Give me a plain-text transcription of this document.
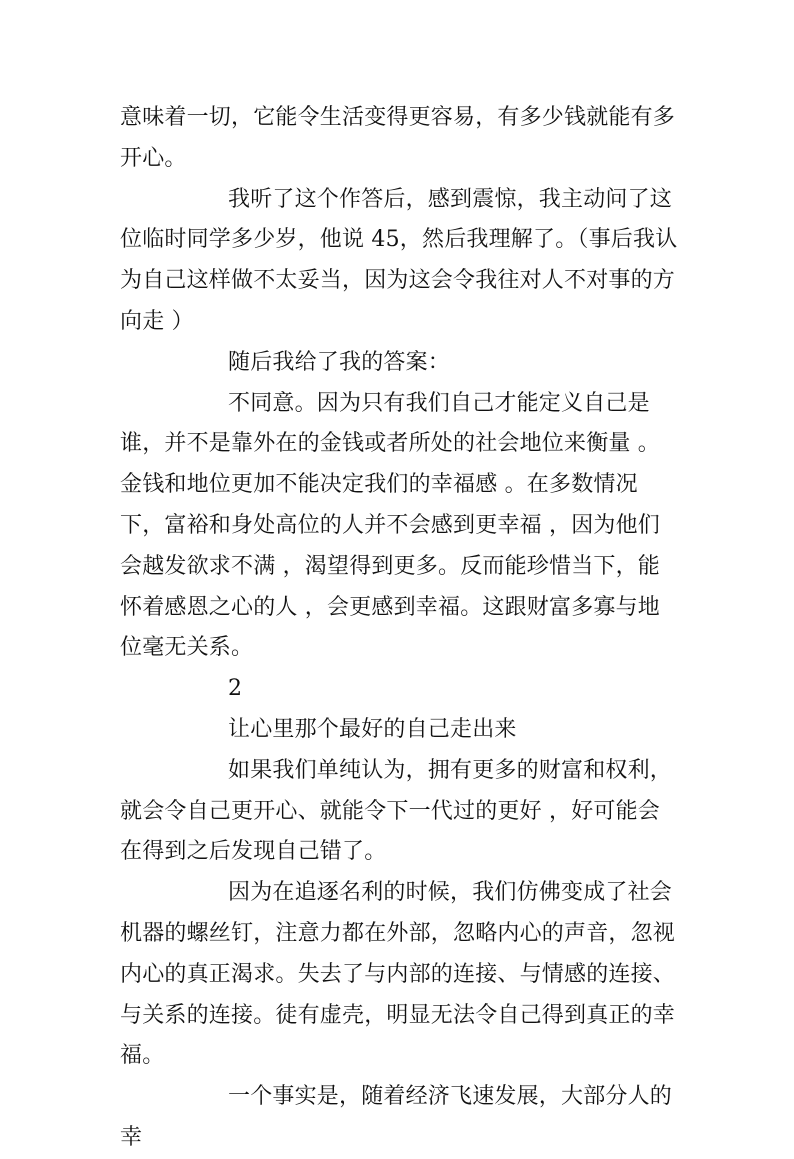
意味着一切，它能令生活变得更容易，有多少钱就能有多开心。

我听了这个作答后，感到震惊，我主动问了这位临时同学多少岁，他说 45，然后我理解了。（事后我认为自己这样做不太妥当，因为这会令我往对人不对事的方向走 ）

随后我给了我的答案：

不同意。因为只有我们自己才能定义自己是谁，并不是靠外在的金钱或者所处的社会地位来衡量 。金钱和地位更加不能决定我们的幸福感 。在多数情况下，富裕和身处高位的人并不会感到更幸福 ，因为他们会越发欲求不满 ，渴望得到更多。反而能珍惜当下，能怀着感恩之心的人 ，会更感到幸福。这跟财富多寡与地位毫无关系。

2

让心里那个最好的自己走出来

如果我们单纯认为，拥有更多的财富和权利，就会令自己更开心、就能令下一代过的更好 ，好可能会在得到之后发现自己错了。

因为在追逐名利的时候，我们仿佛变成了社会机器的螺丝钉，注意力都在外部，忽略内心的声音，忽视内心的真正渴求。失去了与内部的连接、与情感的连接、与关系的连接。徒有虚壳，明显无法令自己得到真正的幸福。

一个事实是，随着经济飞速发展，大部分人的幸
